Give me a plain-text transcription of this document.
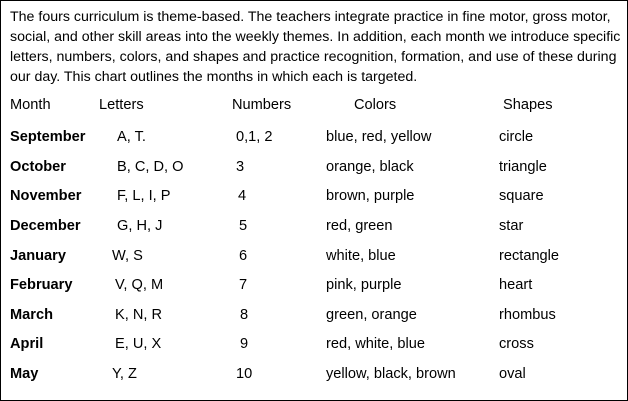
The fours curriculum is theme-based. The teachers integrate practice in fine motor, gross motor, social, and other skill areas into the weekly themes. In addition, each month we introduce specific letters, numbers, colors, and shapes and practice recognition, formation, and use of these during our day. This chart outlines the months in which each is targeted.

Month	Letters	Numbers	Colors	Shapes
September A, T.	0,1, 2	blue, red, yellow	circle
October	B, C, D, O	3	orange, black	triangle
November F, L, I, P	4	brown, purple	square
December G, H, J	5	red, green	star
January	W, S	6	white, blue	rectangle
February	V, Q, M	7	pink, purple	heart
March	K, N, R	8	green, orange	rhombus
April	E, U, X	9	red, white, blue	cross
May	Y, Z	10	yellow, black, brown	oval
